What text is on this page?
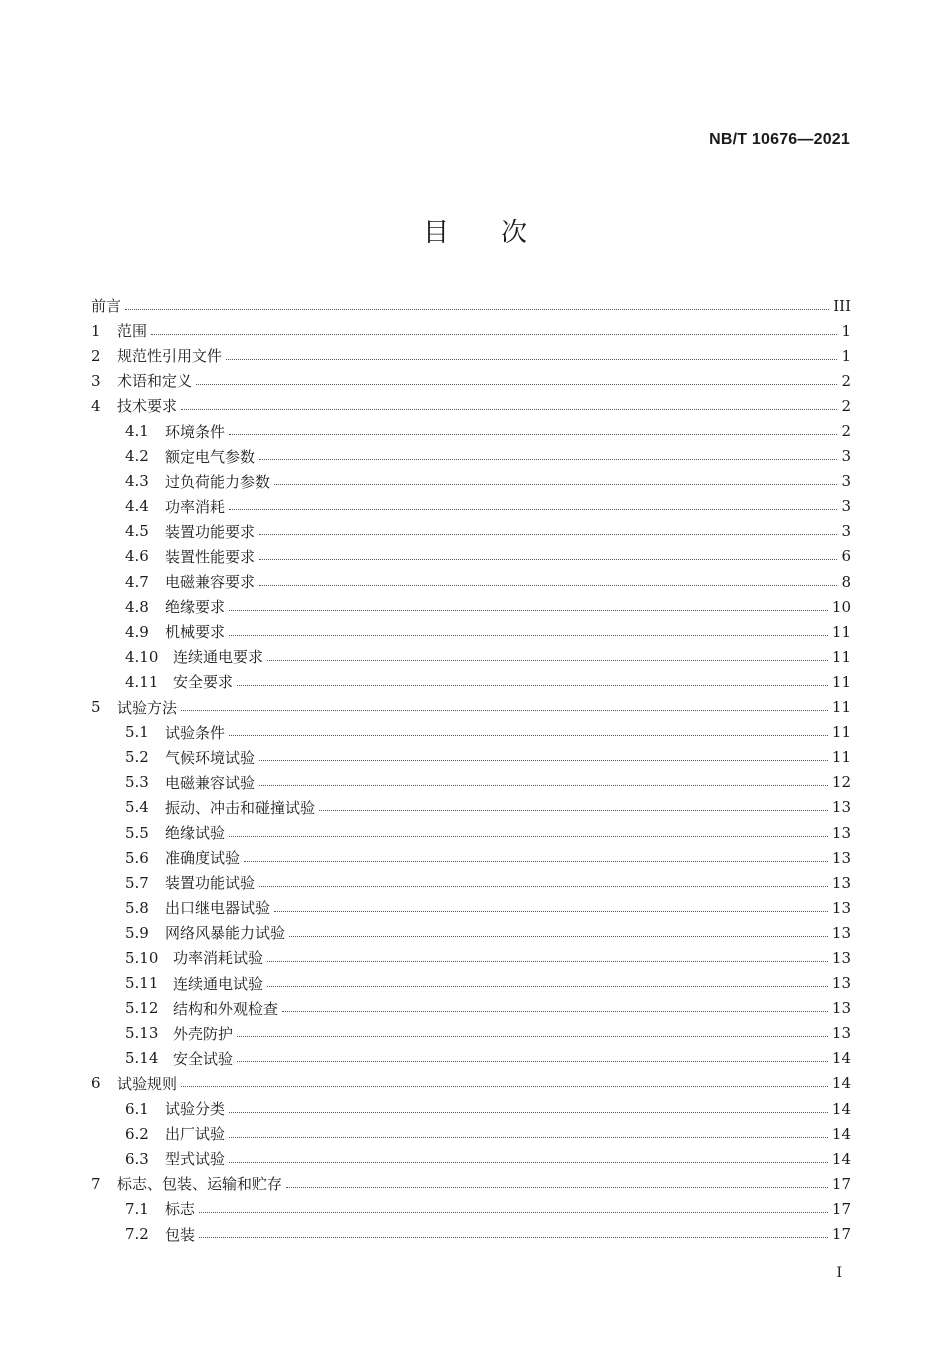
NB/T 10676—2021
目 次
前言	III
1	范围	1
2	规范性引用文件	1
3	术语和定义	2
4	技术要求	2
4.1	环境条件	2
4.2	额定电气参数	3
4.3	过负荷能力参数	3
4.4	功率消耗	3
4.5	装置功能要求	3
4.6	装置性能要求	6
4.7	电磁兼容要求	8
4.8	绝缘要求	10
4.9	机械要求	11
4.10 连续通电要求	11
4.11 安全要求	11
5	试验方法	11
5.1	试验条件	11
5.2	气候环境试验	11
5.3	电磁兼容试验	12
5.4	振动、冲击和碰撞试验	13
5.5	绝缘试验	13
5.6	准确度试验	13
5.7	装置功能试验	13
5.8	出口继电器试验	13
5.9	网络风暴能力试验	13
5.10 功率消耗试验	13
5.11 连续通电试验	13
5.12 结构和外观检查	13
5.13 外壳防护	13
5.14 安全试验	14
6	试验规则	14
6.1	试验分类	14
6.2	出厂试验	14
6.3	型式试验	14
7	标志、包装、运输和贮存	17
7.1	标志	17
7.2	包装	17
I
